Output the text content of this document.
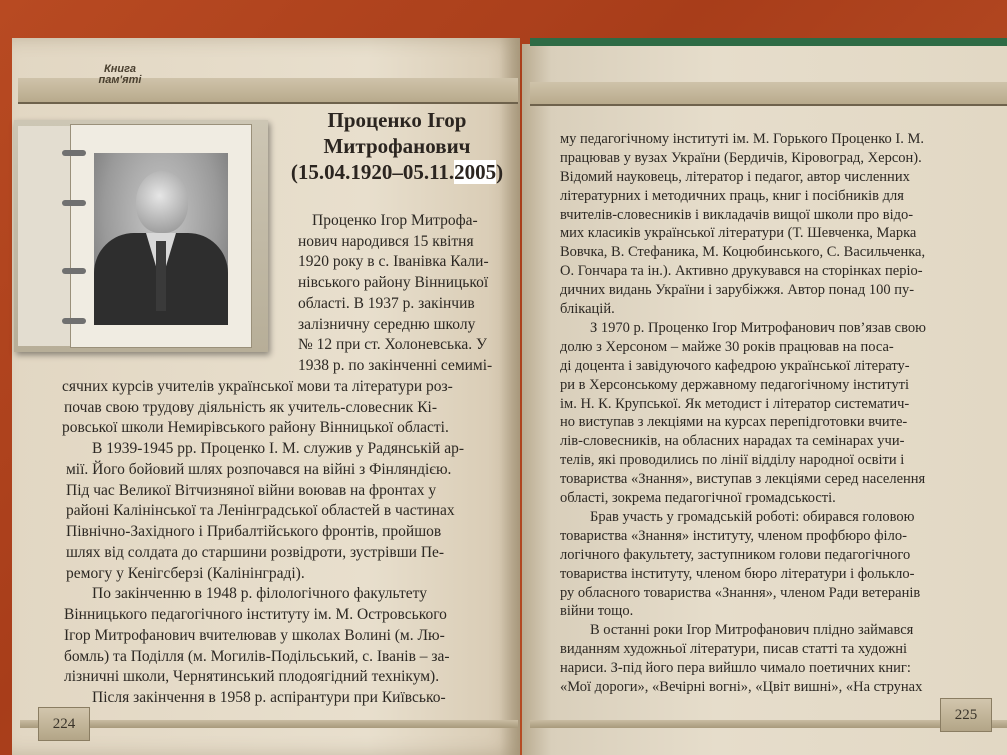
Книга
пам'яті
Проценко Ігор
Митрофанович
(15.04.1920–05.11.2005)
Проценко Ігор Митрофа-
нович народився 15 квітня
1920 року в с. Іванівка Кали-
нівського району Вінницької
області. В 1937 р. закінчив
залізничну середню школу
№ 12 при ст. Холоневська. У
1938 р. по закінченні семимі-
сячних курсів учителів української мови та літератури роз-
почав свою трудову діяльність як учитель-словесник Кі-
ровської школи Немирівського району Вінницької області.
В 1939-1945 рр. Проценко І. М. служив у Радянській ар-
мії. Його бойовий шлях розпочався на війні з Фінляндією.
Під час Великої Вітчизняної війни воював на фронтах у
районі Калінінської та Ленінградської областей в частинах
Північно-Західного і Прибалтійського фронтів, пройшов
шлях від солдата до старшини розвідроти, зустрівши Пе-
ремогу у Кенігсберзі (Калінінграді).
По закінченню в 1948 р. філологічного факультету
Вінницького педагогічного інституту ім. М. Островського
Ігор Митрофанович вчителював у школах Волині (м. Лю-
бомль) та Поділля (м. Могилів-Подільський, с. Іванів – за-
лізничні школи, Чернятинський плодоягідний технікум).
Після закінчення в 1958 р. аспірантури при Київсько-
224
му педагогічному інституті ім. М. Горького Проценко І. М.
працював у вузах України (Бердичів, Кіровоград, Херсон).
Відомий науковець, літератор і педагог, автор численних
літературних і методичних праць, книг і посібників для
вчителів-словесників і викладачів вищої школи про відо-
мих класиків української літератури (Т. Шевченка, Марка
Вовчка, В. Стефаника, М. Коцюбинського, С. Васильченка,
О. Гончара та ін.). Активно друкувався на сторінках періо-
дичних видань України і зарубіжжя. Автор понад 100 пу-
блікацій.
З 1970 р. Проценко Ігор Митрофанович пов’язав свою
долю з Херсоном – майже 30 років працював на поса-
ді доцента і завідуючого кафедрою української літерату-
ри в Херсонському державному педагогічному інституті
ім. Н. К. Крупської. Як методист і літератор систематич-
но виступав з лекціями на курсах перепідготовки вчите-
лів-словесників, на обласних нарадах та семінарах учи-
телів, які проводились по лінії відділу народної освіти і
товариства «Знання», виступав з лекціями серед населення
області, зокрема педагогічної громадськості.
Брав участь у громадській роботі: обирався головою
товариства «Знання» інституту, членом профбюро філо-
логічного факультету, заступником голови педагогічного
товариства інституту, членом бюро літератури і фолькло-
ру обласного товариства «Знання», членом Ради ветеранів
війни тощо.
В останні роки Ігор Митрофанович плідно займався
виданням художньої літератури, писав статті та художні
нариси. З-під його пера вийшло чимало поетичних книг:
«Мої дороги», «Вечірні вогні», «Цвіт вишні», «На струнах
225
